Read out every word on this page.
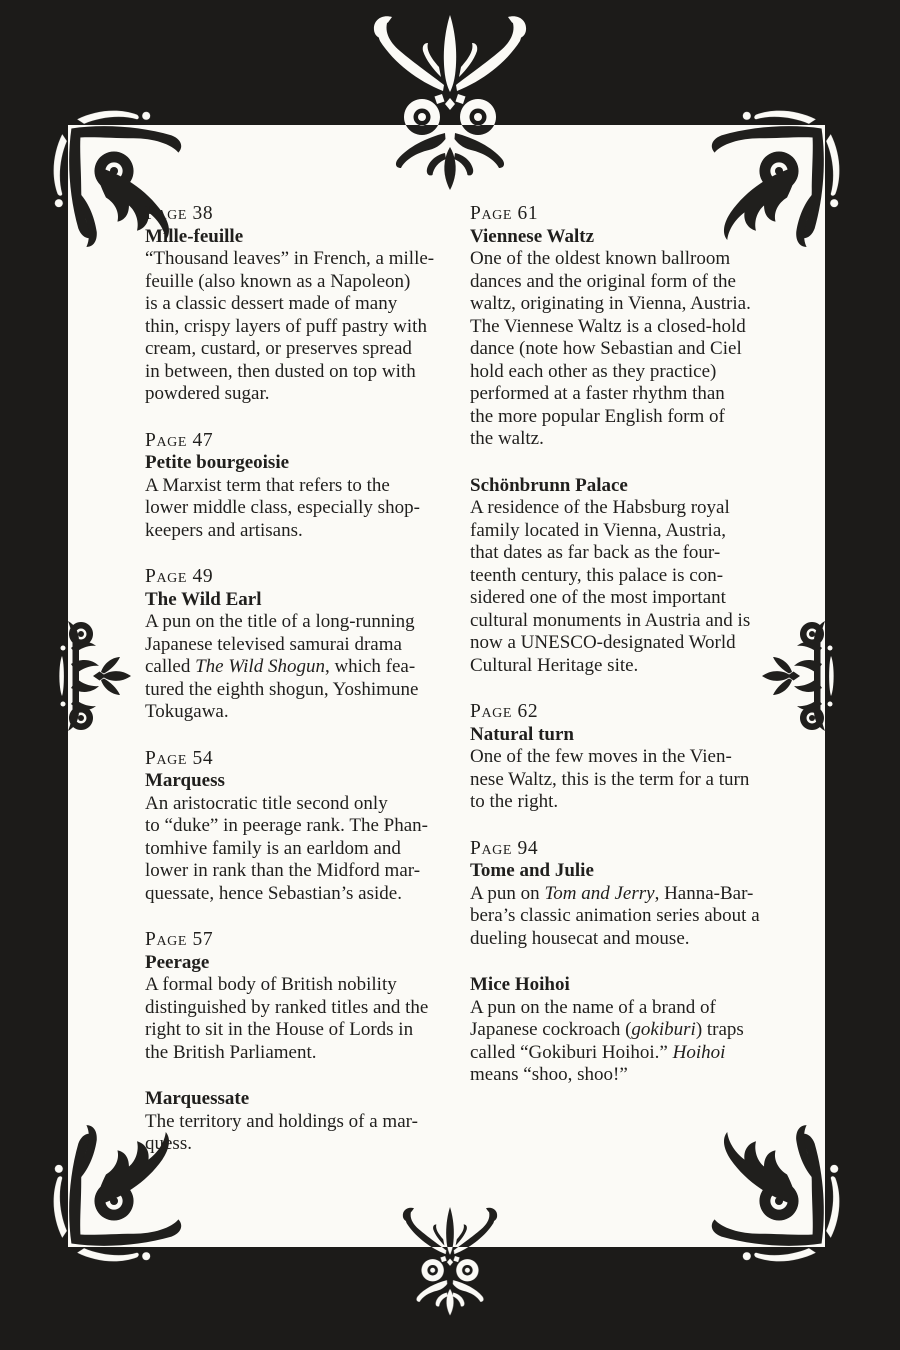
Page 38
Mille-feuille
“Thousand leaves” in French, a mille-
feuille (also known as a Napoleon)
is a classic dessert made of many
thin, crispy layers of puff pastry with
cream, custard, or preserves spread
in between, then dusted on top with
powdered sugar.
Page 47
Petite bourgeoisie
A Marxist term that refers to the
lower middle class, especially shop-
keepers and artisans.
Page 49
The Wild Earl
A pun on the title of a long-running
Japanese televised samurai drama
called The Wild Shogun, which fea-
tured the eighth shogun, Yoshimune
Tokugawa.
Page 54
Marquess
An aristocratic title second only
to “duke” in peerage rank. The Phan-
tomhive family is an earldom and
lower in rank than the Midford mar-
quessate, hence Sebastian’s aside.
Page 57
Peerage
A formal body of British nobility
distinguished by ranked titles and the
right to sit in the House of Lords in
the British Parliament.
Marquessate
The territory and holdings of a mar-
quess.
Page 61
Viennese Waltz
One of the oldest known ballroom
dances and the original form of the
waltz, originating in Vienna, Austria.
The Viennese Waltz is a closed-hold
dance (note how Sebastian and Ciel
hold each other as they practice)
performed at a faster rhythm than
the more popular English form of
the waltz.
Schönbrunn Palace
A residence of the Habsburg royal
family located in Vienna, Austria,
that dates as far back as the four-
teenth century, this palace is con-
sidered one of the most important
cultural monuments in Austria and is
now a UNESCO-designated World
Cultural Heritage site.
Page 62
Natural turn
One of the few moves in the Vien-
nese Waltz, this is the term for a turn
to the right.
Page 94
Tome and Julie
A pun on Tom and Jerry, Hanna-Bar-
bera’s classic animation series about a
dueling housecat and mouse.
Mice Hoihoi
A pun on the name of a brand of
Japanese cockroach (gokiburi) traps
called “Gokiburi Hoihoi.” Hoihoi
means “shoo, shoo!”
